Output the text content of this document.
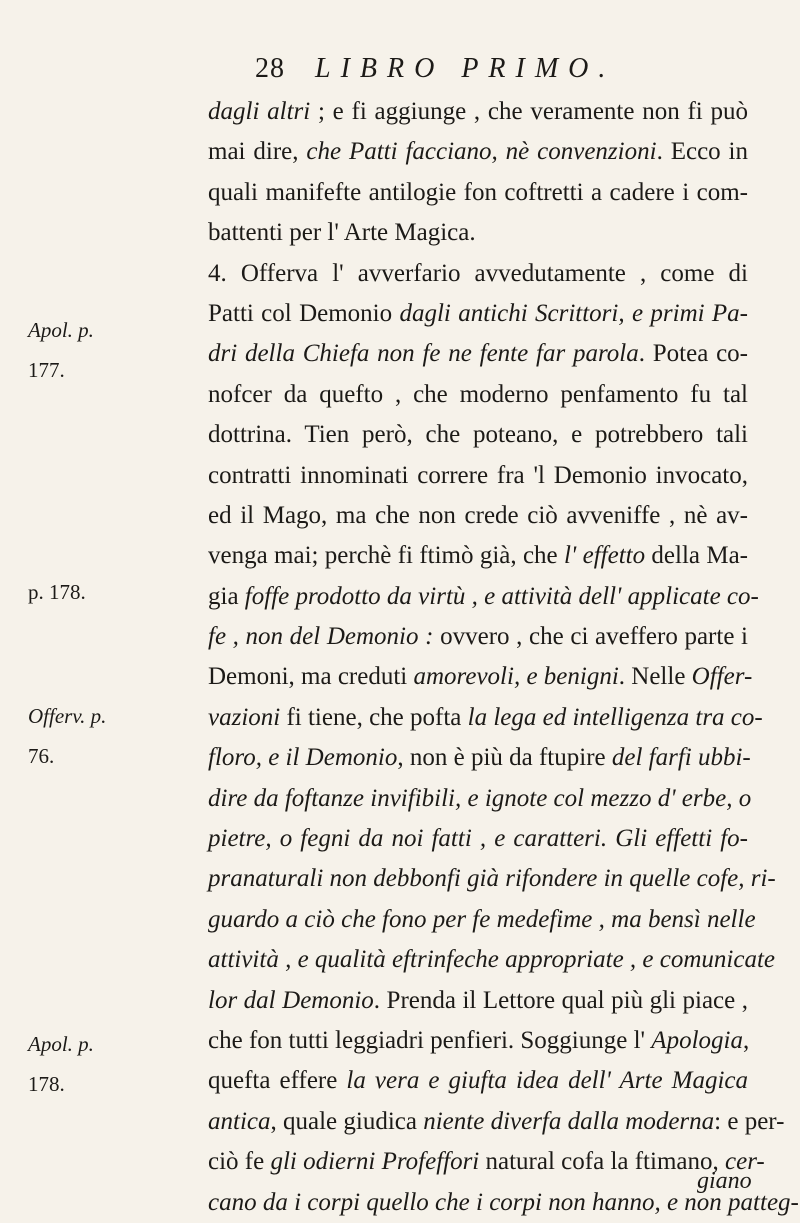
28 LIBRO PRIMO.
Apol. p.
177.
p. 178.
Offerv. p.
76.
Apol. p.
178.
dagli altri ; e fi aggiunge , che veramente non fi può
mai dire, che Patti facciano, nè convenzioni. Ecco in
quali manifefte antilogie fon coftretti a cadere i com-
battenti per l' Arte Magica.
4. Offerva l' avverfario avvedutamente , come di
Patti col Demonio dagli antichi Scrittori, e primi Pa-
dri della Chiefa non fe ne fente far parola. Potea co-
nofcer da quefto , che moderno penfamento fu tal
dottrina. Tien però, che poteano, e potrebbero tali
contratti innominati correre fra 'l Demonio invocato,
ed il Mago, ma che non crede ciò avveniffe , nè av-
venga mai; perchè fi ftimò già, che l' effetto della Ma-
gia foffe prodotto da virtù , e attività dell' applicate co-
fe , non del Demonio : ovvero , che ci aveffero parte i
Demoni, ma creduti amorevoli, e benigni. Nelle Offer-
vazioni fi tiene, che pofta la lega ed intelligenza tra co-
floro, e il Demonio, non è più da ftupire del farfi ubbi-
dire da foftanze invifibili, e ignote col mezzo d' erbe, o
pietre, o fegni da noi fatti , e caratteri. Gli effetti fo-
pranaturali non debbonfi già rifondere in quelle cofe, ri-
guardo a ciò che fono per fe medefime , ma bensì nelle
attività , e qualità eftrinfeche appropriate , e comunicate
lor dal Demonio. Prenda il Lettore qual più gli piace ,
che fon tutti leggiadri penfieri. Soggiunge l' Apologia,
quefta effere la vera e giufta idea dell' Arte Magica
antica, quale giudica niente diverfa dalla moderna: e per-
ciò fe gli odierni Profeffori natural cofa la ftimano, cer-
cano da i corpi quello che i corpi non hanno, e non patteg-
giano
